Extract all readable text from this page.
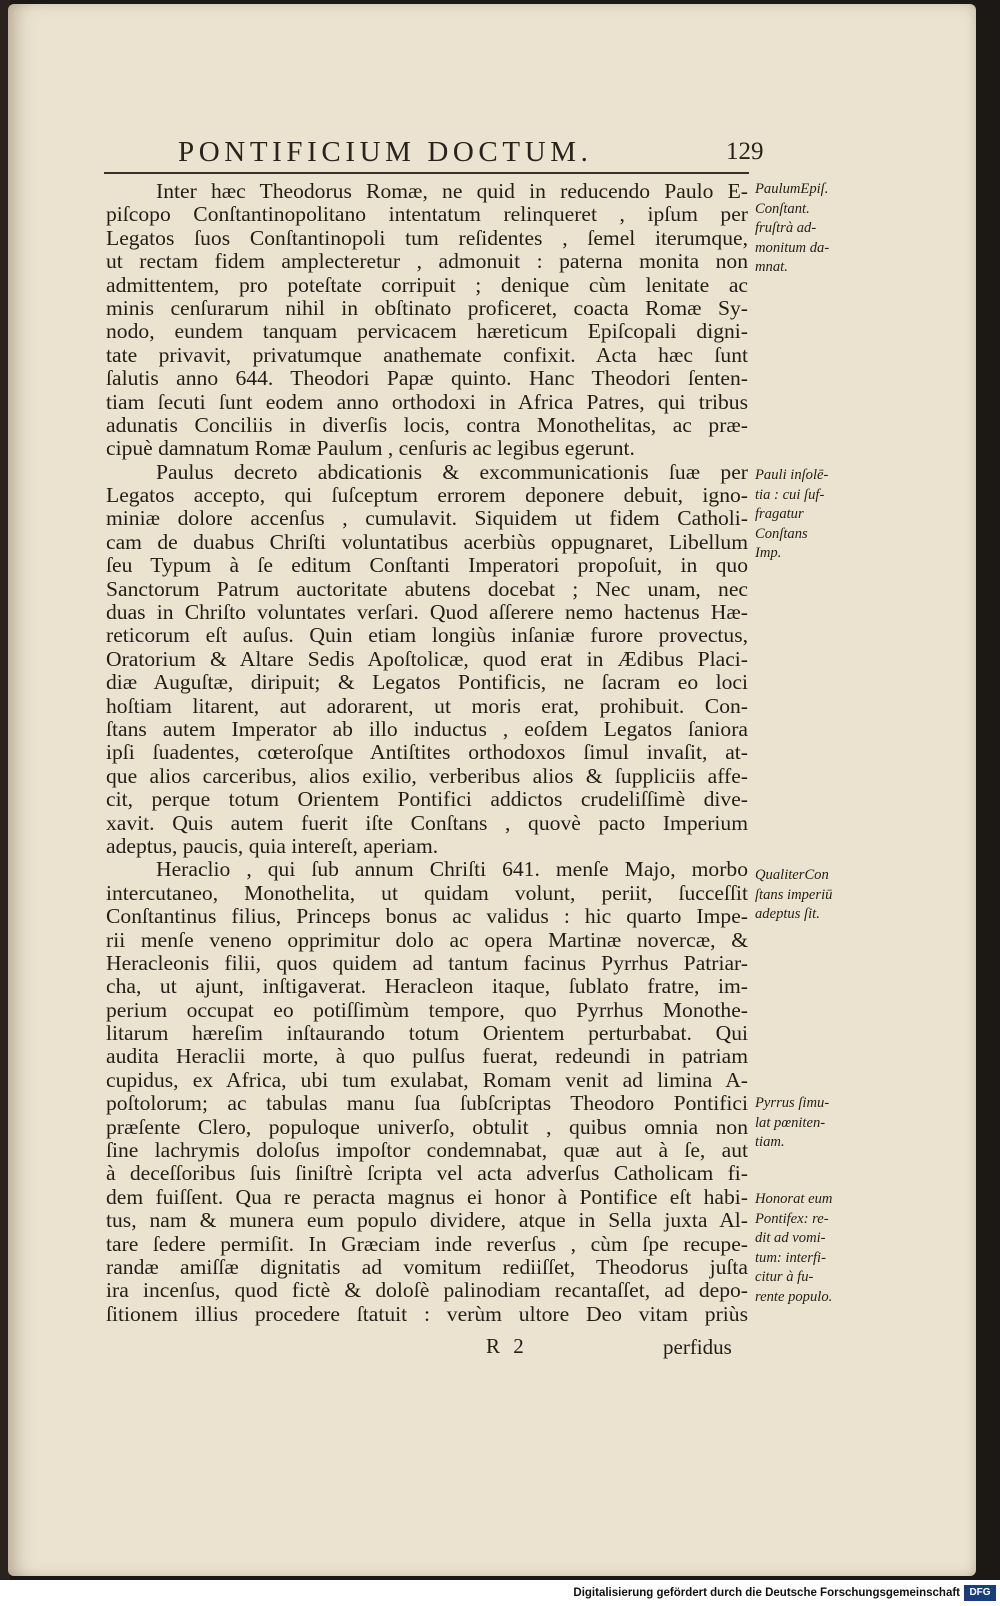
PONTIFICIUM DOCTUM.	129
Inter hæc Theodorus Romæ, ne quid in reducendo Paulo E-
piſcopo Conſtantinopolitano intentatum relinqueret , ipſum per
Legatos ſuos Conſtantinopoli tum reſidentes , ſemel iterumque,
ut rectam fidem amplecteretur , admonuit : paterna monita non
admittentem, pro poteſtate corripuit ; denique cùm lenitate ac
minis cenſurarum nihil in obſtinato proficeret, coacta Romæ Sy-
nodo, eundem tanquam pervicacem hæreticum Epiſcopali digni-
tate privavit, privatumque anathemate confixit. Acta hæc ſunt
ſalutis anno 644. Theodori Papæ quinto. Hanc Theodori ſenten-
tiam ſecuti ſunt eodem anno orthodoxi in Africa Patres, qui tribus
adunatis Conciliis in diverſis locis, contra Monothelitas, ac præ-
cipuè damnatum Romæ Paulum , cenſuris ac legibus egerunt.
Paulus decreto abdicationis & excommunicationis ſuæ per
Legatos accepto, qui ſuſceptum errorem deponere debuit, igno-
miniæ dolore accenſus , cumulavit. Siquidem ut fidem Catholi-
cam de duabus Chriſti voluntatibus acerbiùs oppugnaret, Libellum
ſeu Typum à ſe editum Conſtanti Imperatori propoſuit, in quo
Sanctorum Patrum auctoritate abutens docebat ; Nec unam, nec
duas in Chriſto voluntates verſari. Quod aſſerere nemo hactenus Hæ-
reticorum eſt auſus. Quin etiam longiùs inſaniæ furore provectus,
Oratorium & Altare Sedis Apoſtolicæ, quod erat in Ædibus Placi-
diæ Auguſtæ, diripuit; & Legatos Pontificis, ne ſacram eo loci
hoſtiam litarent, aut adorarent, ut moris erat, prohibuit. Con-
ſtans autem Imperator ab illo inductus , eoſdem Legatos ſaniora
ipſi ſuadentes, cœteroſque Antiſtites orthodoxos ſimul invaſit, at-
que alios carceribus, alios exilio, verberibus alios & ſuppliciis affe-
cit, perque totum Orientem Pontifici addictos crudeliſſimè dive-
xavit. Quis autem fuerit iſte Conſtans , quovè pacto Imperium
adeptus, paucis, quia intereſt, aperiam.
Heraclio , qui ſub annum Chriſti 641. menſe Majo, morbo
intercutaneo, Monothelita, ut quidam volunt, periit, ſucceſſit
Conſtantinus filius, Princeps bonus ac validus : hic quarto Impe-
rii menſe veneno opprimitur dolo ac opera Martinæ novercæ, &
Heracleonis filii, quos quidem ad tantum facinus Pyrrhus Patriar-
cha, ut ajunt, inſtigaverat. Heracleon itaque, ſublato fratre, im-
perium occupat eo potiſſimùm tempore, quo Pyrrhus Monothe-
litarum hæreſim inſtaurando totum Orientem perturbabat. Qui
audita Heraclii morte, à quo pulſus fuerat, redeundi in patriam
cupidus, ex Africa, ubi tum exulabat, Romam venit ad limina A-
poſtolorum; ac tabulas manu ſua ſubſcriptas Theodoro Pontifici
præſente Clero, populoque univerſo, obtulit , quibus omnia non
ſine lachrymis doloſus impoſtor condemnabat, quæ aut à ſe, aut
à deceſſoribus ſuis ſiniſtrè ſcripta vel acta adverſus Catholicam fi-
dem fuiſſent. Qua re peracta magnus ei honor à Pontifice eſt habi-
tus, nam & munera eum populo dividere, atque in Sella juxta Al-
tare ſedere permiſit. In Græciam inde reverſus , cùm ſpe recupe-
randæ amiſſæ dignitatis ad vomitum rediiſſet, Theodorus juſta
ira incenſus, quod fictè & doloſè palinodiam recantaſſet, ad depo-
ſitionem illius procedere ſtatuit : verùm ultore Deo vitam priùs
PaulumEpiſ.
Conſtant.
fruſtrà ad-
monitum da-
mnat.
Pauli inſolē-
tia : cui ſuf-
fragatur
Conſtans
Imp.
QualiterCon
ſtans imperiū
adeptus ſit.
Pyrrus ſimu-
lat pœniten-
tiam.
Honorat eum
Pontifex: re-
dit ad vomi-
tum: interfi-
citur à fu-
rente populo.
R 2	perfidus
Digitalisierung gefördert durch die Deutsche Forschungsgemeinschaft DFG
